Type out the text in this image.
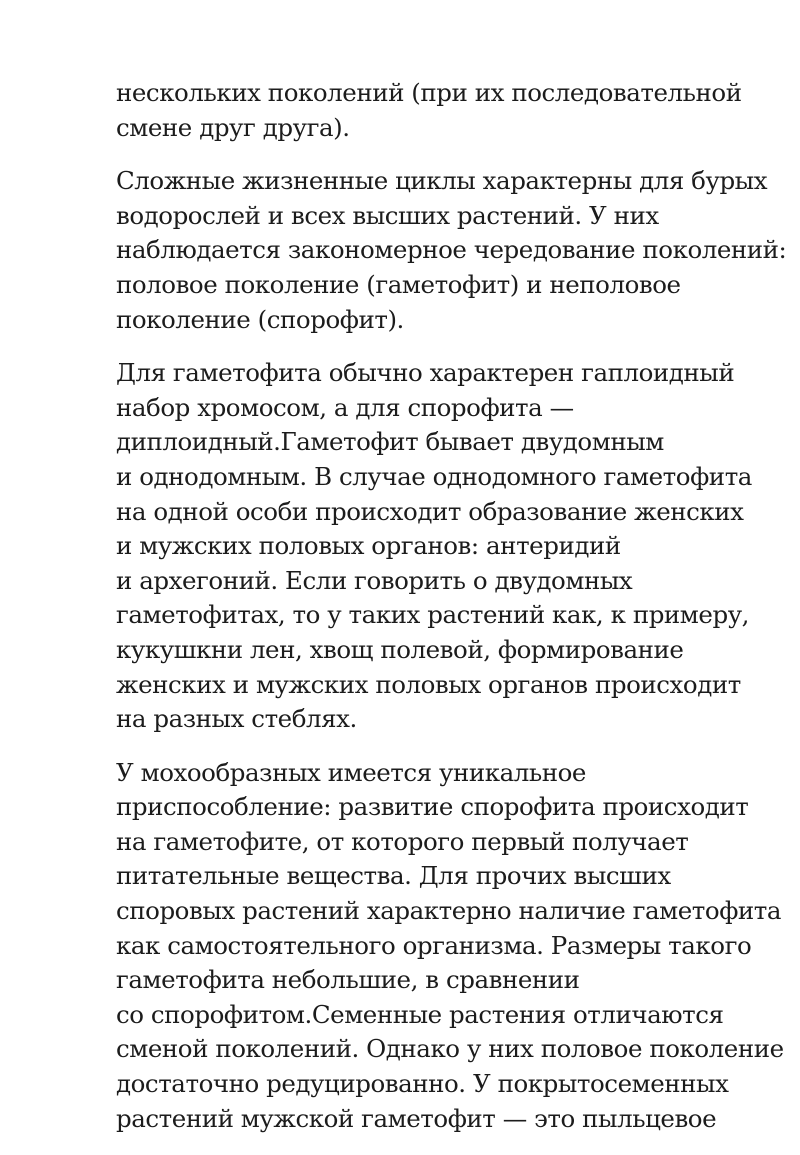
нескольких поколений (при их последовательной
смене друг друга).

Сложные жизненные циклы характерны для бурых
водорослей и всех высших растений. У них
наблюдается закономерное чередование поколений:
половое поколение (гаметофит) и неполовое
поколение (спорофит).

Для гаметофита обычно характерен гаплоидный
набор хромосом, а для спорофита —
диплоидный.Гаметофит бывает двудомным
и однодомным. В случае однодомного гаметофита
на одной особи происходит образование женских
и мужских половых органов: антеридий
и архегоний. Если говорить о двудомных
гаметофитах, то у таких растений как, к примеру,
кукушкни лен, хвощ полевой, формирование
женских и мужских половых органов происходит
на разных стеблях.

У мохообразных имеется уникальное
приспособление: развитие спорофита происходит
на гаметофите, от которого первый получает
питательные вещества. Для прочих высших
споровых растений характерно наличие гаметофита
как самостоятельного организма. Размеры такого
гаметофита небольшие, в сравнении
со спорофитом.Семенные растения отличаются
сменой поколений. Однако у них половое поколение
достаточно редуцированно. У покрытосеменных
растений мужской гаметофит — это пыльцевое
